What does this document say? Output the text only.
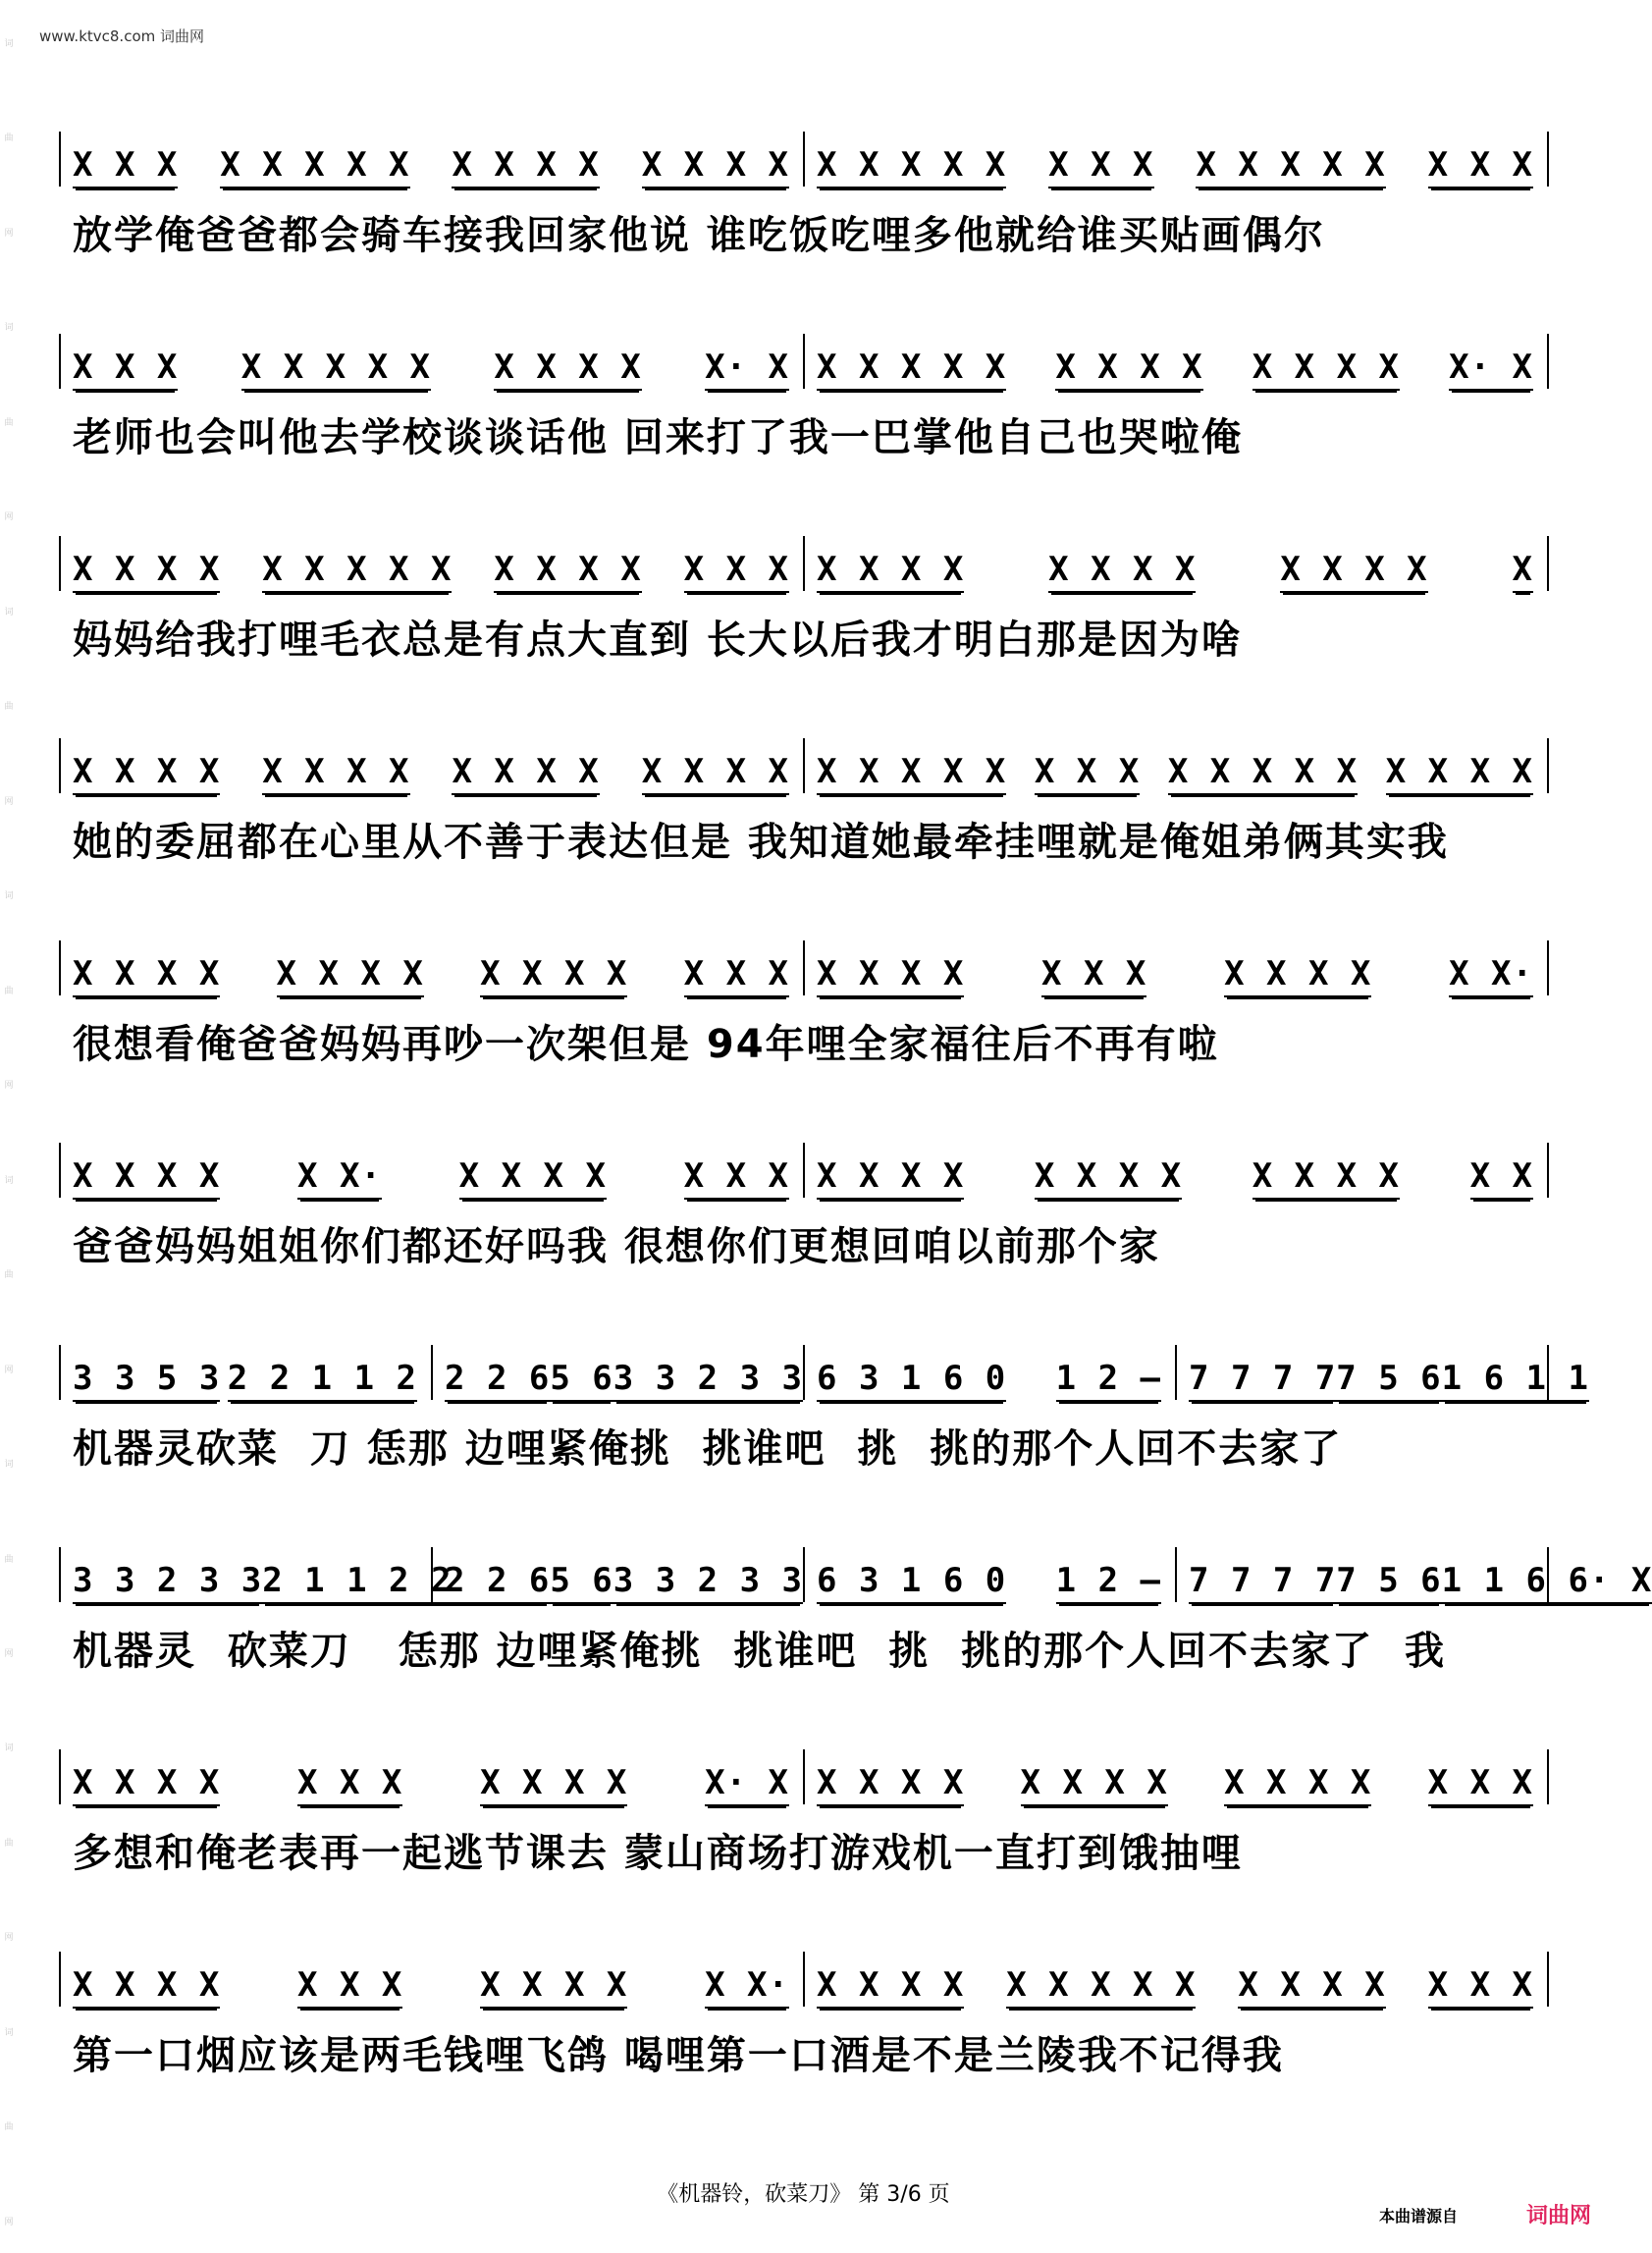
词
曲
网
词
曲
网
词
曲
网
词
曲
网
词
曲
网
词
曲
网
词
曲
网
词
曲
网
www.ktvc8.com 词曲网
X X X X X X X X X X X X X X X X X X X X X X X X X X X X X X X X
放学俺爸爸都会骑车接我回家他说 谁吃饭吃哩多他就给谁买贴画偶尔
X X X X X X X X X X X X X· X X X X X X X X X X X X X X X· X
老师也会叫他去学校谈谈话他 回来打了我一巴掌他自己也哭啦俺
X X X X X X X X X X X X X X X X X X X X	X X X X	X X X X	X
妈妈给我打哩毛衣总是有点大直到 长大以后我才明白那是因为啥
X X X X X X X X X X X X X X X X X X X X X X X X X X X X X X X X X
她的委屈都在心里从不善于表达但是 我知道她最牵挂哩就是俺姐弟俩其实我
X X X X X X X X X X X X X X X X X X X X X X X X X X X X·
很想看俺爸爸妈妈再吵一次架但是 94年哩全家福往后不再有啦
X X X X X X· X X X X X X X X X X X X X X X X X X X X X
爸爸妈妈姐姐你们都还好吗我 很想你们更想回咱以前那个家
3 3 5 3 2 2 1 1 2 2 2 6 5 6 3 3 2 3 3 6 3 1 6 0 1 2 – 7 7 7 7 7 5 6 1 6 1 1
机器灵砍菜  刀 恁那 边哩紧俺挑  挑谁吧  挑  挑的那个人回不去家了
3 3 2 3 3 2 1 1 2 2
2 2 6 5 6 3 3 2 3 3 6 3 1 6 0 1 2 – 7 7 7 7 7 5 6 1 1 6 6· X
机器灵  砍菜刀   恁那 边哩紧俺挑  挑谁吧  挑  挑的那个人回不去家了  我
X X X X X X X X X X X X· X X X X X X X X X X X X X X X X
多想和俺老表再一起逃节课去 蒙山商场打游戏机一直打到饿抽哩
X X X X X X X X X X X X X· X X X X X X X X X X X X X X X X
第一口烟应该是两毛钱哩飞鸽 喝哩第一口酒是不是兰陵我不记得我
《机器铃，砍菜刀》 第 3/6 页
本曲谱源自	词曲网
